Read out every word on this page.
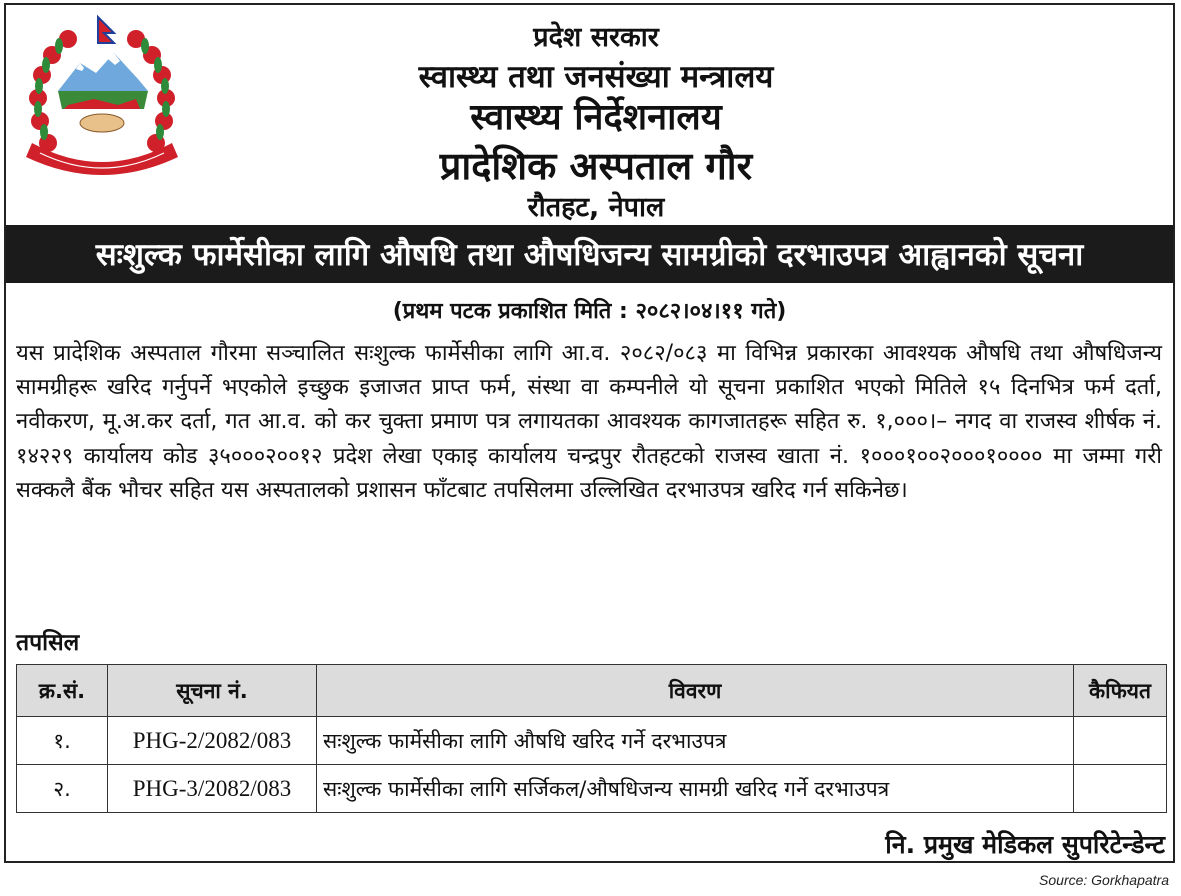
प्रदेश सरकार
स्वास्थ्य तथा जनसंख्या मन्त्रालय
स्वास्थ्य निर्देशनालय
प्रादेशिक अस्पताल गौर
रौतहट, नेपाल
सःशुल्क फार्मेसीका लागि औषधि तथा औषधिजन्य सामग्रीको दरभाउपत्र आह्वानको सूचना
(प्रथम पटक प्रकाशित मिति : २०८२।०४।११ गते)
यस प्रादेशिक अस्पताल गौरमा सञ्चालित सःशुल्क फार्मेसीका लागि आ.व. २०८२/०८३ मा विभिन्न प्रकारका आवश्यक औषधि तथा औषधिजन्य सामग्रीहरू खरिद गर्नुपर्ने भएकोले इच्छुक इजाजत प्राप्त फर्म, संस्था वा कम्पनीले यो सूचना प्रकाशित भएको मितिले १५ दिनभित्र फर्म दर्ता, नवीकरण, मू.अ.कर दर्ता, गत आ.व. को कर चुक्ता प्रमाण पत्र लगायतका आवश्यक कागजातहरू सहित रु. १,०००।– नगद वा राजस्व शीर्षक नं. १४२२९ कार्यालय कोड ३५०००२००१२ प्रदेश लेखा एकाइ कार्यालय चन्द्रपुर रौतहटको राजस्व खाता नं. १०००१००२०००१०००० मा जम्मा गरी सक्कलै बैंक भौचर सहित यस अस्पतालको प्रशासन फाँटबाट तपसिलमा उल्लिखित दरभाउपत्र खरिद गर्न सकिनेछ।
तपसिल
क्र.सं.	सूचना नं.	विवरण	कैफियत
१.	PHG-2/2082/083	सःशुल्क फार्मेसीका लागि औषधि खरिद गर्ने दरभाउपत्र	
२.	PHG-3/2082/083	सःशुल्क फार्मेसीका लागि सर्जिकल/औषधिजन्य सामग्री खरिद गर्ने दरभाउपत्र	
नि. प्रमुख मेडिकल सुपरिटेन्डेन्ट
Source: Gorkhapatra
